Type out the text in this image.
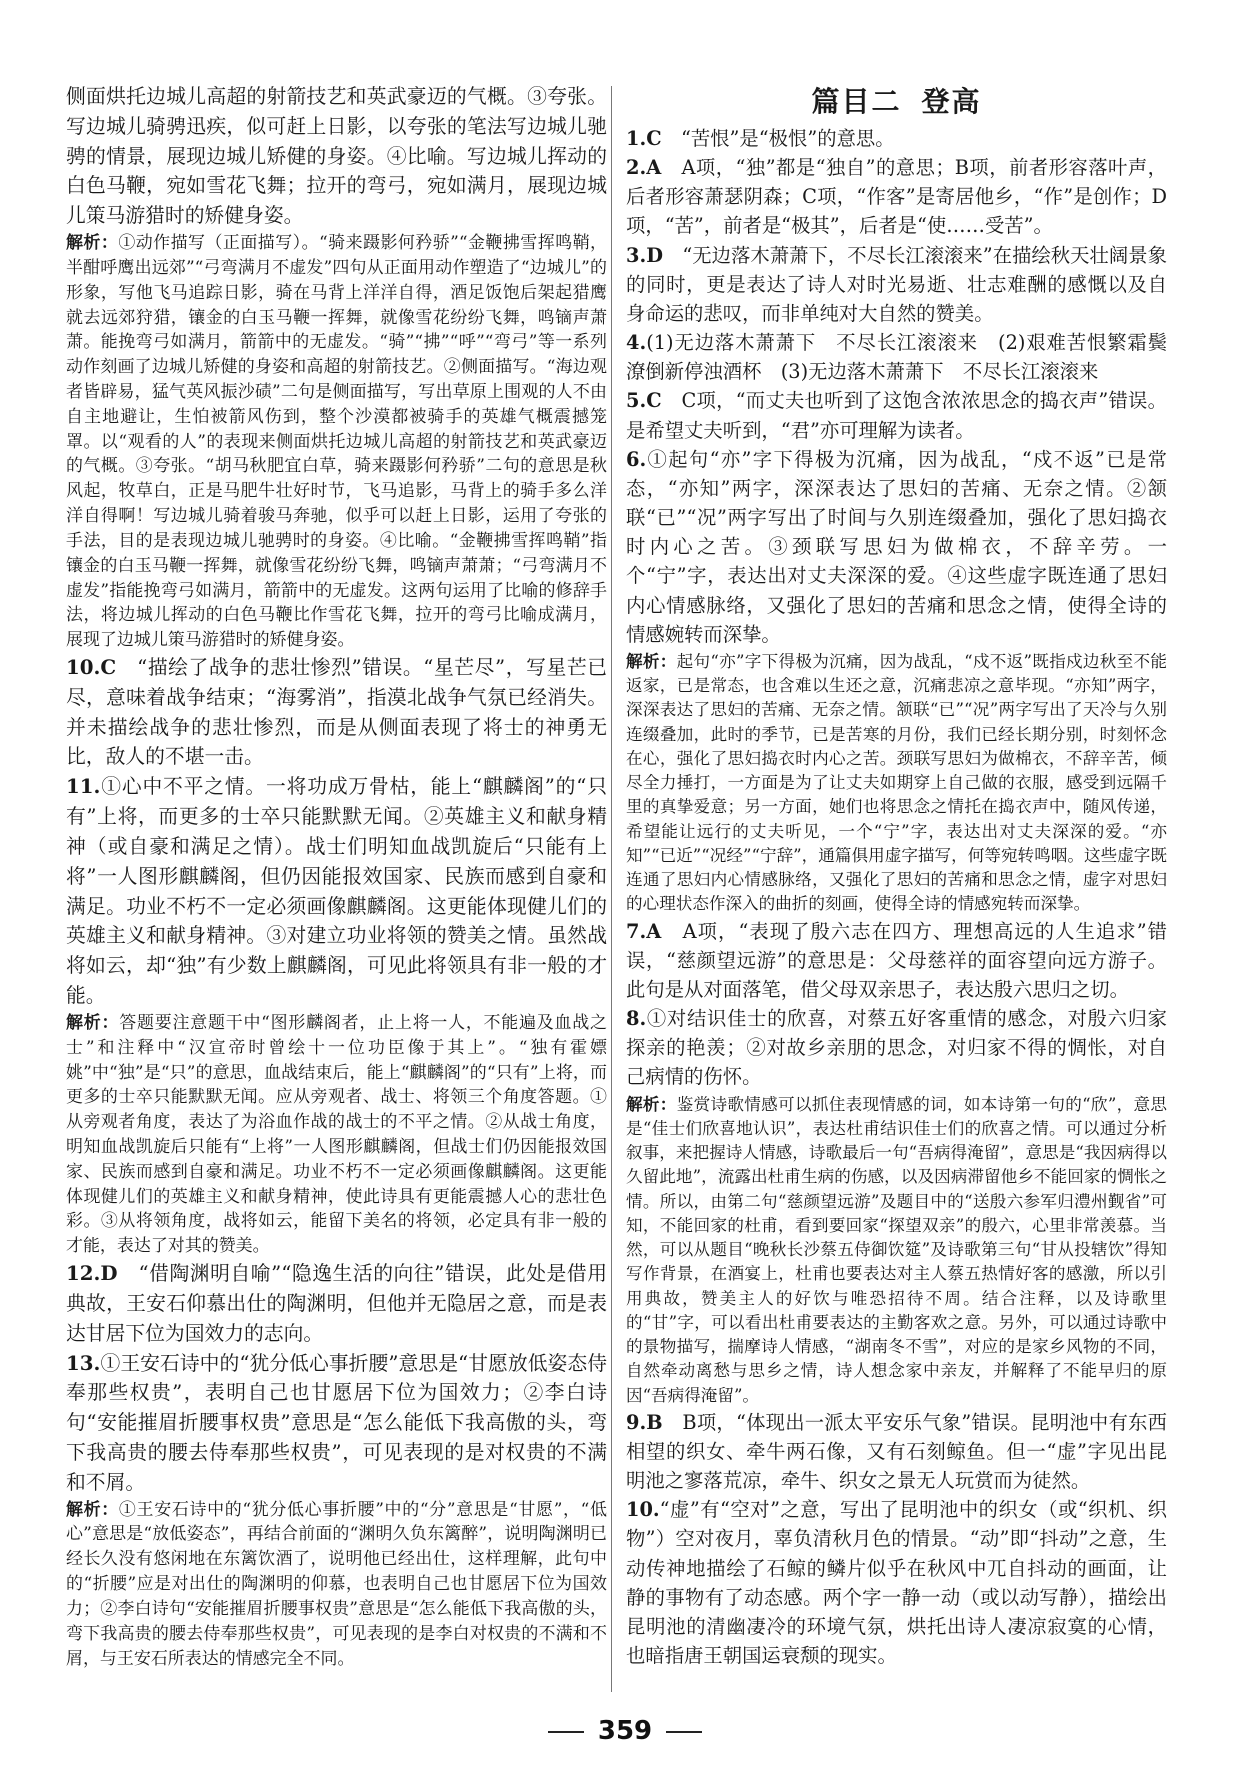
侧面烘托边城儿高超的射箭技艺和英武豪迈的气概。③夸张。写边城儿骑骋迅疾，似可赶上日影，以夸张的笔法写边城儿驰骋的情景，展现边城儿矫健的身姿。④比喻。写边城儿挥动的白色马鞭，宛如雪花飞舞；拉开的弯弓，宛如满月，展现边城儿策马游猎时的矫健身姿。

解析：①动作描写（正面描写）。“骑来蹑影何矜骄”“金鞭拂雪挥鸣鞘，半酣呼鹰出远郊”“弓弯满月不虚发”四句从正面用动作塑造了“边城儿”的形象，写他飞马追踪日影，骑在马背上洋洋自得，酒足饭饱后架起猎鹰就去远郊狩猎，镶金的白玉马鞭一挥舞，就像雪花纷纷飞舞，鸣镝声萧萧。能挽弯弓如满月，箭箭中的无虚发。“骑”“拂”“呼”“弯弓”等一系列动作刻画了边城儿矫健的身姿和高超的射箭技艺。②侧面描写。“海边观者皆辟易，猛气英风振沙碛”二句是侧面描写，写出草原上围观的人不由自主地避让，生怕被箭风伤到，整个沙漠都被骑手的英雄气概震撼笼罩。以“观看的人”的表现来侧面烘托边城儿高超的射箭技艺和英武豪迈的气概。③夸张。“胡马秋肥宜白草，骑来蹑影何矜骄”二句的意思是秋风起，牧草白，正是马肥牛壮好时节，飞马追影，马背上的骑手多么洋洋自得啊！写边城儿骑着骏马奔驰，似乎可以赶上日影，运用了夸张的手法，目的是表现边城儿驰骋时的身姿。④比喻。“金鞭拂雪挥鸣鞘”指镶金的白玉马鞭一挥舞，就像雪花纷纷飞舞，鸣镝声萧萧；“弓弯满月不虚发”指能挽弯弓如满月，箭箭中的无虚发。这两句运用了比喻的修辞手法，将边城儿挥动的白色马鞭比作雪花飞舞，拉开的弯弓比喻成满月，展现了边城儿策马游猎时的矫健身姿。

10.C　 “描绘了战争的悲壮惨烈”错误。“星芒尽”，写星芒已尽，意味着战争结束；“海雾消”，指漠北战争气氛已经消失。并未描绘战争的悲壮惨烈，而是从侧面表现了将士的神勇无比，敌人的不堪一击。

11.①心中不平之情。一将功成万骨枯，能上“麒麟阁”的“只有”上将，而更多的士卒只能默默无闻。②英雄主义和献身精神（或自豪和满足之情）。战士们明知血战凯旋后“只能有上将”一人图形麒麟阁，但仍因能报效国家、民族而感到自豪和满足。功业不朽不一定必须画像麒麟阁。这更能体现健儿们的英雄主义和献身精神。③对建立功业将领的赞美之情。虽然战将如云，却“独”有少数上麒麟阁，可见此将领具有非一般的才能。

解析：答题要注意题干中“图形麟阁者，止上将一人，不能遍及血战之士”和注释中“汉宣帝时曾绘十一位功臣像于其上”。“独有霍嫖姚”中“独”是“只”的意思，血战结束后，能上“麒麟阁”的“只有”上将，而更多的士卒只能默默无闻。应从旁观者、战士、将领三个角度答题。①从旁观者角度，表达了为浴血作战的战士的不平之情。②从战士角度，明知血战凯旋后只能有“上将”一人图形麒麟阁，但战士们仍因能报效国家、民族而感到自豪和满足。功业不朽不一定必须画像麒麟阁。这更能体现健儿们的英雄主义和献身精神，使此诗具有更能震撼人心的悲壮色彩。③从将领角度，战将如云，能留下美名的将领，必定具有非一般的才能，表达了对其的赞美。

12.D　 “借陶渊明自喻”“隐逸生活的向往”错误，此处是借用典故，王安石仰慕出仕的陶渊明，但他并无隐居之意，而是表达甘居下位为国效力的志向。

13.①王安石诗中的“犹分低心事折腰”意思是“甘愿放低姿态侍奉那些权贵”，表明自己也甘愿居下位为国效力；②李白诗句“安能摧眉折腰事权贵”意思是“怎么能低下我高傲的头，弯下我高贵的腰去侍奉那些权贵”，可见表现的是对权贵的不满和不屑。

解析：①王安石诗中的“犹分低心事折腰”中的“分”意思是“甘愿”，“低心”意思是“放低姿态”，再结合前面的“渊明久负东篱醉”，说明陶渊明已经长久没有悠闲地在东篱饮酒了，说明他已经出仕，这样理解，此句中的“折腰”应是对出仕的陶渊明的仰慕，也表明自己也甘愿居下位为国效力；②李白诗句“安能摧眉折腰事权贵”意思是“怎么能低下我高傲的头，弯下我高贵的腰去侍奉那些权贵”，可见表现的是李白对权贵的不满和不屑，与王安石所表达的情感完全不同。

篇目二 登高

1.C　 “苦恨”是“极恨”的意思。

2.A　 A项，“独”都是“独自”的意思；B项，前者形容落叶声，后者形容萧瑟阴森；C项，“作客”是寄居他乡，“作”是创作；D项，“苦”，前者是“极其”，后者是“使……受苦”。

3.D　 “无边落木萧萧下，不尽长江滚滚来”在描绘秋天壮阔景象的同时，更是表达了诗人对时光易逝、壮志难酬的感慨以及自身命运的悲叹，而非单纯对大自然的赞美。

4.(1)无边落木萧萧下　不尽长江滚滚来　(2)艰难苦恨繁霜鬓　潦倒新停浊酒杯　(3)无边落木萧萧下　不尽长江滚滚来

5.C　 C项，“而丈夫也听到了这饱含浓浓思念的捣衣声”错误。是希望丈夫听到，“君”亦可理解为读者。

6.①起句“亦”字下得极为沉痛，因为战乱，“戍不返”已是常态，“亦知”两字，深深表达了思妇的苦痛、无奈之情。②颔联“已”“况”两字写出了时间与久别连缀叠加，强化了思妇捣衣时内心之苦。③颈联写思妇为做棉衣，不辞辛劳。一个“宁”字，表达出对丈夫深深的爱。④这些虚字既连通了思妇内心情感脉络，又强化了思妇的苦痛和思念之情，使得全诗的情感婉转而深挚。

解析：起句“亦”字下得极为沉痛，因为战乱，“戍不返”既指戍边秋至不能返家，已是常态，也含难以生还之意，沉痛悲凉之意毕现。“亦知”两字，深深表达了思妇的苦痛、无奈之情。颔联“已”“况”两字写出了天冷与久别连缀叠加，此时的季节，已是苦寒的月份，我们已经长期分别，时刻怀念在心，强化了思妇捣衣时内心之苦。颈联写思妇为做棉衣，不辞辛苦，倾尽全力捶打，一方面是为了让丈夫如期穿上自己做的衣服，感受到远隔千里的真挚爱意；另一方面，她们也将思念之情托在捣衣声中，随风传递，希望能让远行的丈夫听见，一个“宁”字，表达出对丈夫深深的爱。“亦知”“已近”“况经”“宁辞”，通篇俱用虚字描写，何等宛转鸣咽。这些虚字既连通了思妇内心情感脉络，又强化了思妇的苦痛和思念之情，虚字对思妇的心理状态作深入的曲折的刻画，使得全诗的情感宛转而深挚。

7.A　 A项，“表现了殷六志在四方、理想高远的人生追求”错误，“慈颜望远游”的意思是：父母慈祥的面容望向远方游子。此句是从对面落笔，借父母双亲思子，表达殷六思归之切。

8.①对结识佳士的欣喜，对蔡五好客重情的感念，对殷六归家探亲的艳羡；②对故乡亲朋的思念，对归家不得的惆怅，对自己病情的伤怀。

解析：鉴赏诗歌情感可以抓住表现情感的词，如本诗第一句的“欣”，意思是“佳士们欣喜地认识”，表达杜甫结识佳士们的欣喜之情。可以通过分析叙事，来把握诗人情感，诗歌最后一句“吾病得淹留”，意思是“我因病得以久留此地”，流露出杜甫生病的伤感，以及因病滞留他乡不能回家的惆怅之情。所以，由第二句“慈颜望远游”及题目中的“送殷六参军归澧州觐省”可知，不能回家的杜甫，看到要回家“探望双亲”的殷六，心里非常羡慕。当然，可以从题目“晚秋长沙蔡五侍御饮筵”及诗歌第三句“甘从投辖饮”得知写作背景，在酒宴上，杜甫也要表达对主人蔡五热情好客的感激，所以引用典故，赞美主人的好饮与唯恐招待不周。结合注释，以及诗歌里的“甘”字，可以看出杜甫要表达的主勤客欢之意。另外，可以通过诗歌中的景物描写，揣摩诗人情感，“湖南冬不雪”，对应的是家乡风物的不同，自然牵动离愁与思乡之情，诗人想念家中亲友，并解释了不能早归的原因“吾病得淹留”。

9.B　 B项，“体现出一派太平安乐气象”错误。昆明池中有东西相望的织女、牵牛两石像，又有石刻鲸鱼。但一“虚”字见出昆明池之寥落荒凉，牵牛、织女之景无人玩赏而为徒然。

10.“虚”有“空对”之意，写出了昆明池中的织女（或“织机、织物”）空对夜月，辜负清秋月色的情景。“动”即“抖动”之意，生动传神地描绘了石鲸的鳞片似乎在秋风中兀自抖动的画面，让静的事物有了动态感。两个字一静一动（或以动写静），描绘出昆明池的清幽凄冷的环境气氛，烘托出诗人凄凉寂寞的心情，也暗指唐王朝国运衰颓的现实。

359
